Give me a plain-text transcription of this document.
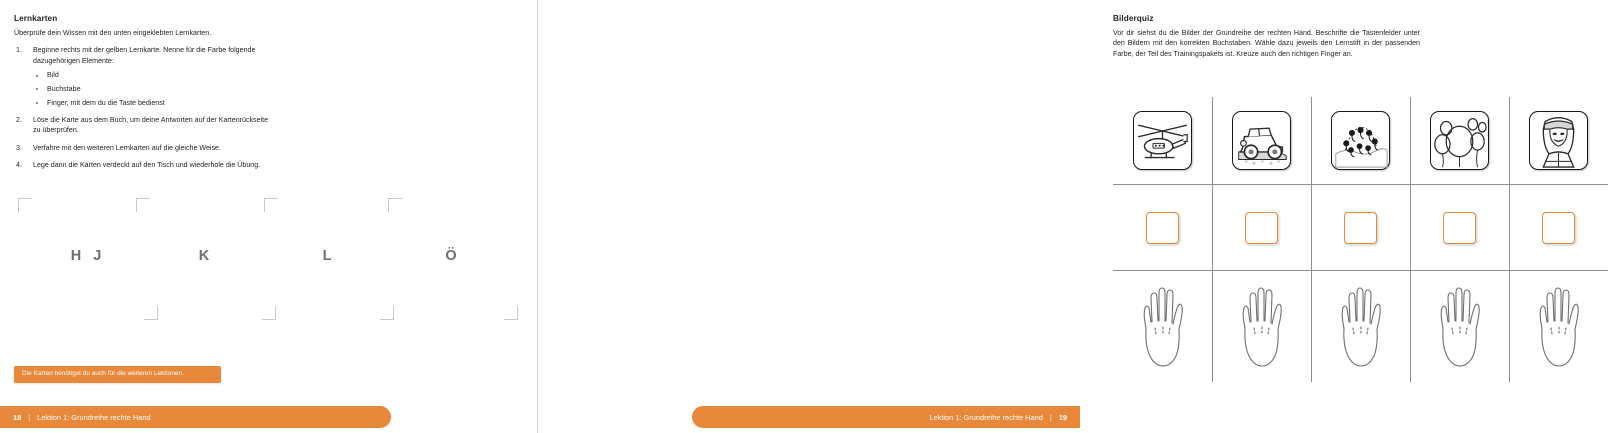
Lernkarten

Überprüfe dein Wissen mit den unten eingeklebten Lernkarten.

1. Beginne rechts mit der gelben Lernkarte. Nenne für die Farbe folgende dazugehörigen Elemente:
Bild
Buchstabe
Finger, mit dem du die Taste bedienst
2. Löse die Karte aus dem Buch, um deine Antworten auf der Kartenrückseite zu überprüfen.
3. Verfahre mit den weiteren Lernkarten auf die gleiche Weise.
4. Lege dann die Karten verdeckt auf den Tisch und wiederhole die Übung.
H J	K	L	Ö
Die Karten benötigst du auch für die weiteren Lektionen.
18 | Lektion 1: Grundreihe rechte Hand
Bilderquiz

Vor dir siehst du die Bilder der Grundreihe der rechten Hand. Beschrifte die Tastenfelder unter den Bildern mit den korrekten Buchstaben. Wähle dazu jeweils den Lernstift in der passenden Farbe, der Teil des Trainingspakets ist. Kreuze auch den richtigen Finger an.

Lektion 1: Grundreihe rechte Hand | 19
